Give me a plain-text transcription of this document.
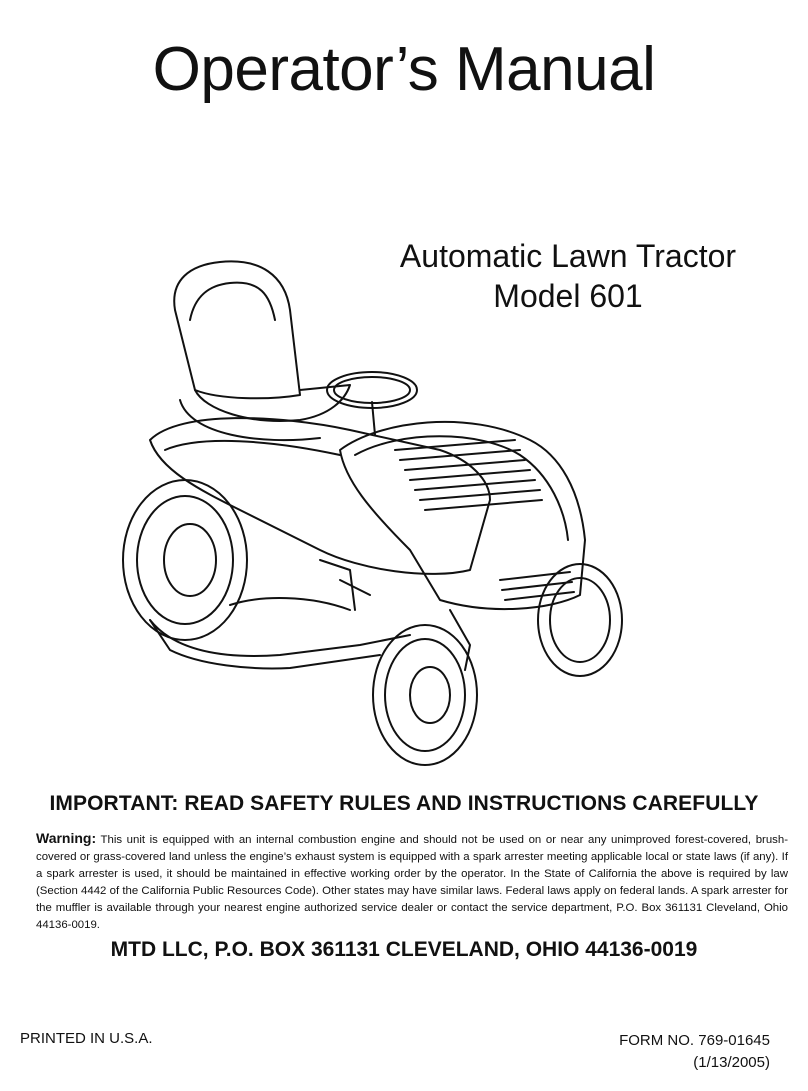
Operator’s Manual
Automatic Lawn Tractor
Model 601
IMPORTANT: READ SAFETY RULES AND INSTRUCTIONS CAREFULLY

Warning: This unit is equipped with an internal combustion engine and should not be used on or near any unimproved forest-covered, brush-covered or grass-covered land unless the engine’s exhaust system is equipped with a spark arrester meeting applicable local or state laws (if any). If a spark arrester is used, it should be maintained in effective working order by the operator. In the State of California the above is required by law (Section 4442 of the California Public Resources Code). Other states may have similar laws. Federal laws apply on federal lands. A spark arrester for the muffler is available through your nearest engine authorized service dealer or contact the service department, P.O. Box 361131 Cleveland, Ohio 44136-0019.

MTD LLC, P.O. BOX 361131 CLEVELAND, OHIO 44136-0019
PRINTED IN U.S.A.	FORM NO. 769-01645
(1/13/2005)
